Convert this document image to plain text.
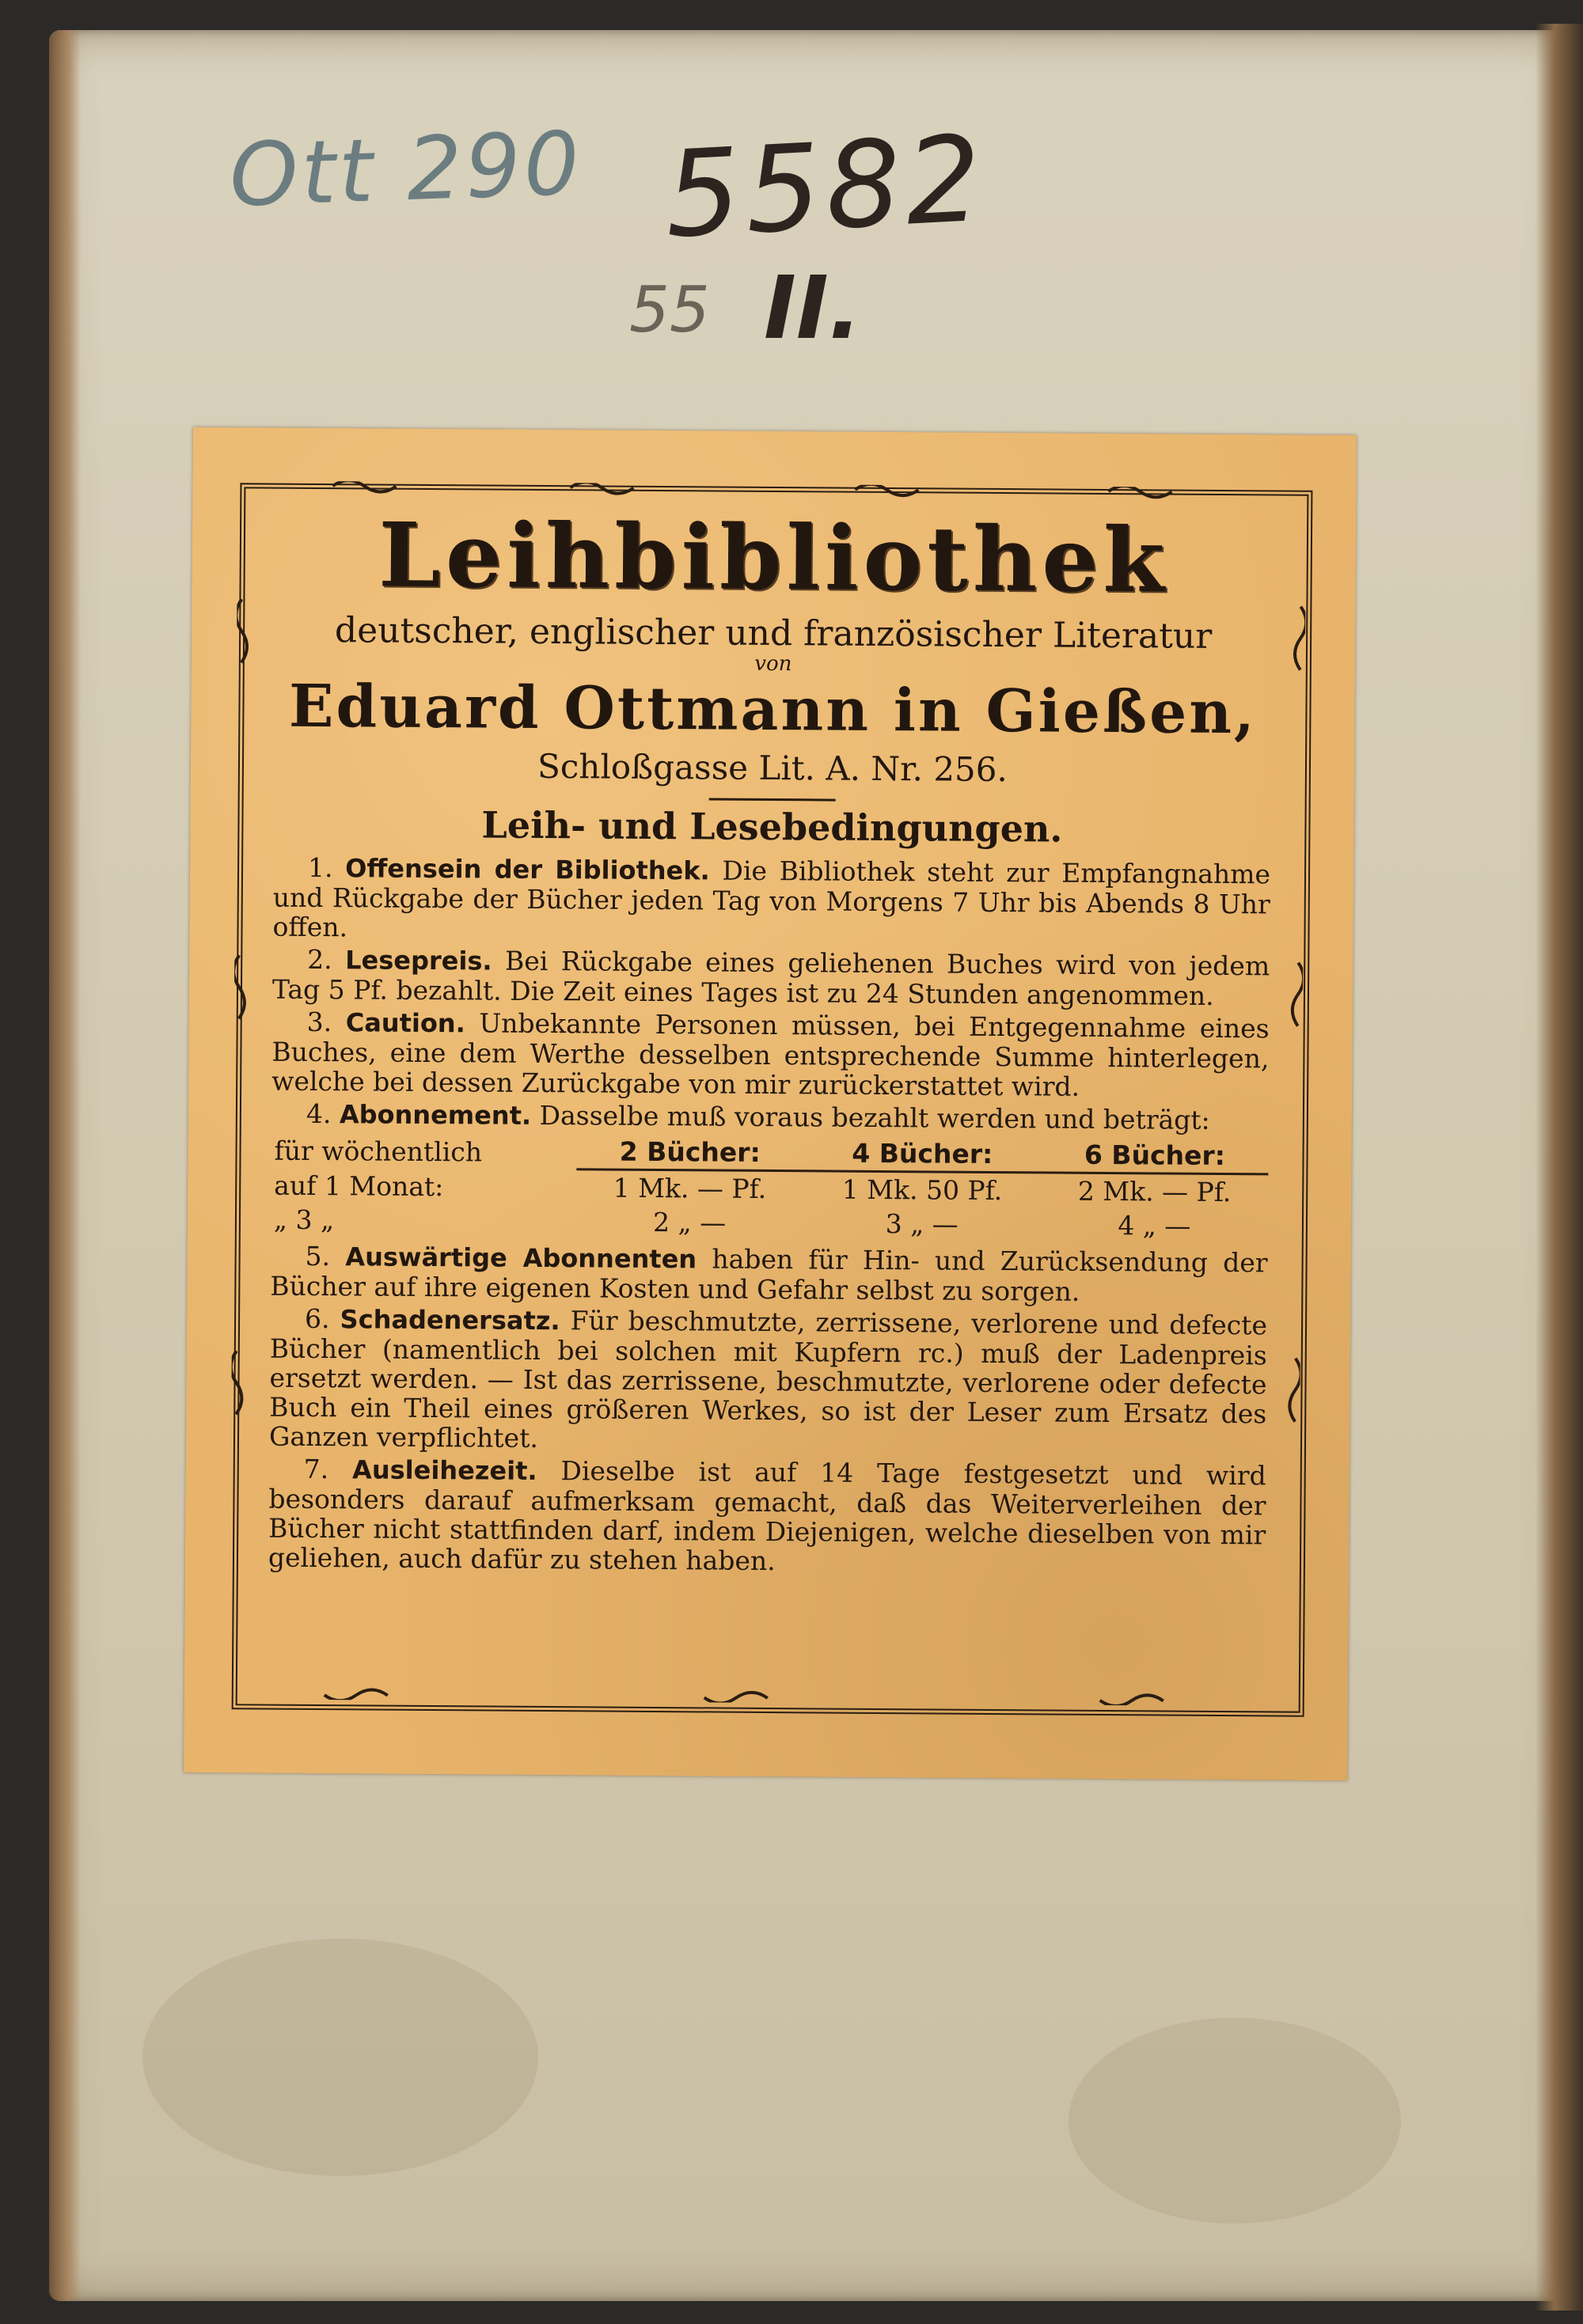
Ott 290 5582
55 II.
Leihbibliothek
deutscher, englischer und französischer Literatur
von
Eduard Ottmann in Gießen,
Schloßgasse Lit. A. Nr. 256.
Leih- und Lesebedingungen.

1. Offensein der Bibliothek. Die Bibliothek steht zur Empfangnahme und Rückgabe der Bücher jeden Tag von Morgens 7 Uhr bis Abends 8 Uhr offen.

2. Lesepreis. Bei Rückgabe eines geliehenen Buches wird von jedem Tag 5 Pf. bezahlt. Die Zeit eines Tages ist zu 24 Stunden angenommen.

3. Caution. Unbekannte Personen müssen, bei Entgegennahme eines Buches, eine dem Werthe desselben entsprechende Summe hinterlegen, welche bei dessen Zurückgabe von mir zurückerstattet wird.

4. Abonnement. Dasselbe muß voraus bezahlt werden und beträgt:

für wöchentlich	2 Bücher:	4 Bücher:	6 Bücher:
auf 1 Monat:	1 Mk. — Pf.	1 Mk. 50 Pf.	2 Mk. — Pf.
„ 3 „	2 „ —	3 „ —	4 „ —

5. Auswärtige Abonnenten haben für Hin- und Zurücksendung der Bücher auf ihre eigenen Kosten und Gefahr selbst zu sorgen.

6. Schadenersatz. Für beschmutzte, zerrissene, verlorene und defecte Bücher (namentlich bei solchen mit Kupfern rc.) muß der Ladenpreis ersetzt werden. — Ist das zerrissene, beschmutzte, verlorene oder defecte Buch ein Theil eines größeren Werkes, so ist der Leser zum Ersatz des Ganzen verpflichtet.

7. Ausleihezeit. Dieselbe ist auf 14 Tage festgesetzt und wird besonders darauf aufmerksam gemacht, daß das Weiterverleihen der Bücher nicht stattfinden darf, indem Diejenigen, welche dieselben von mir geliehen, auch dafür zu stehen haben.
